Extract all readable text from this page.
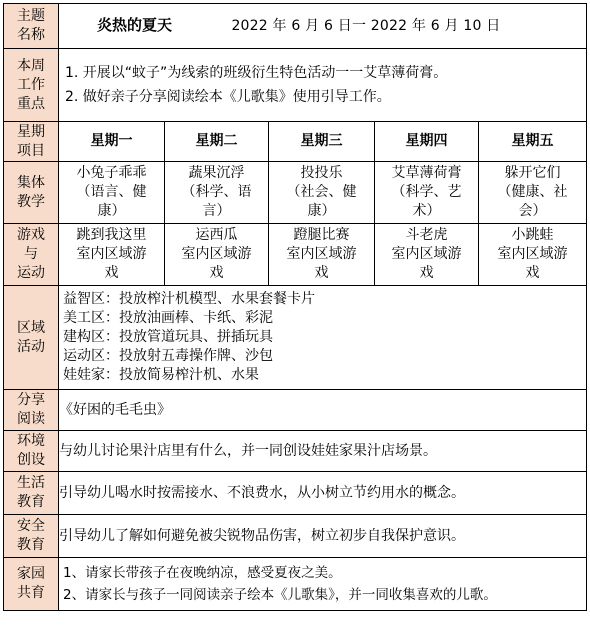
主题
名称	炎热的夏天 2022 年 6 月 6 日一 2022 年 6 月 10 日				

本周
工作
重点	1. 开展以“蚊子”为线索的班级衍生特色活动一一艾草薄荷膏。
2. 做好亲子分享阅读绘本《儿歌集》使用引导工作。				

星期
项目	星期一	星期二	星期三	星期四	星期五

集体
教学	小兔子乖乖
（语言、健
康）	蔬果沉浮
（科学、语
言）	投投乐
（社会、健
康）	艾草薄荷膏
（科学、艺
术）	躲开它们
（健康、社
会）

游戏
与
运动	跳到我这里
室内区域游
戏	运西瓜
室内区域游
戏	蹬腿比赛
室内区域游
戏	斗老虎
室内区域游
戏	小跳蛙
室内区域游
戏

区域
活动	益智区：投放榨汁机模型、水果套餐卡片
美工区：投放油画棒、卡纸、彩泥
建构区：投放管道玩具、拼插玩具
运动区：投放射五毒操作牌、沙包
娃娃家：投放简易榨汁机、水果				

分享
阅读	《好困的毛毛虫》				

环境
创设	与幼儿讨论果汁店里有什么，并一同创设娃娃家果汁店场景。				

生活
教育	引导幼儿喝水时按需接水、不浪费水，从小树立节约用水的概念。				

安全
教育	引导幼儿了解如何避免被尖锐物品伤害，树立初步自我保护意识。				

家园
共育	1、请家长带孩子在夜晚纳凉，感受夏夜之美。
2、请家长与孩子一同阅读亲子绘本《儿歌集》，并一同收集喜欢的儿歌。				
